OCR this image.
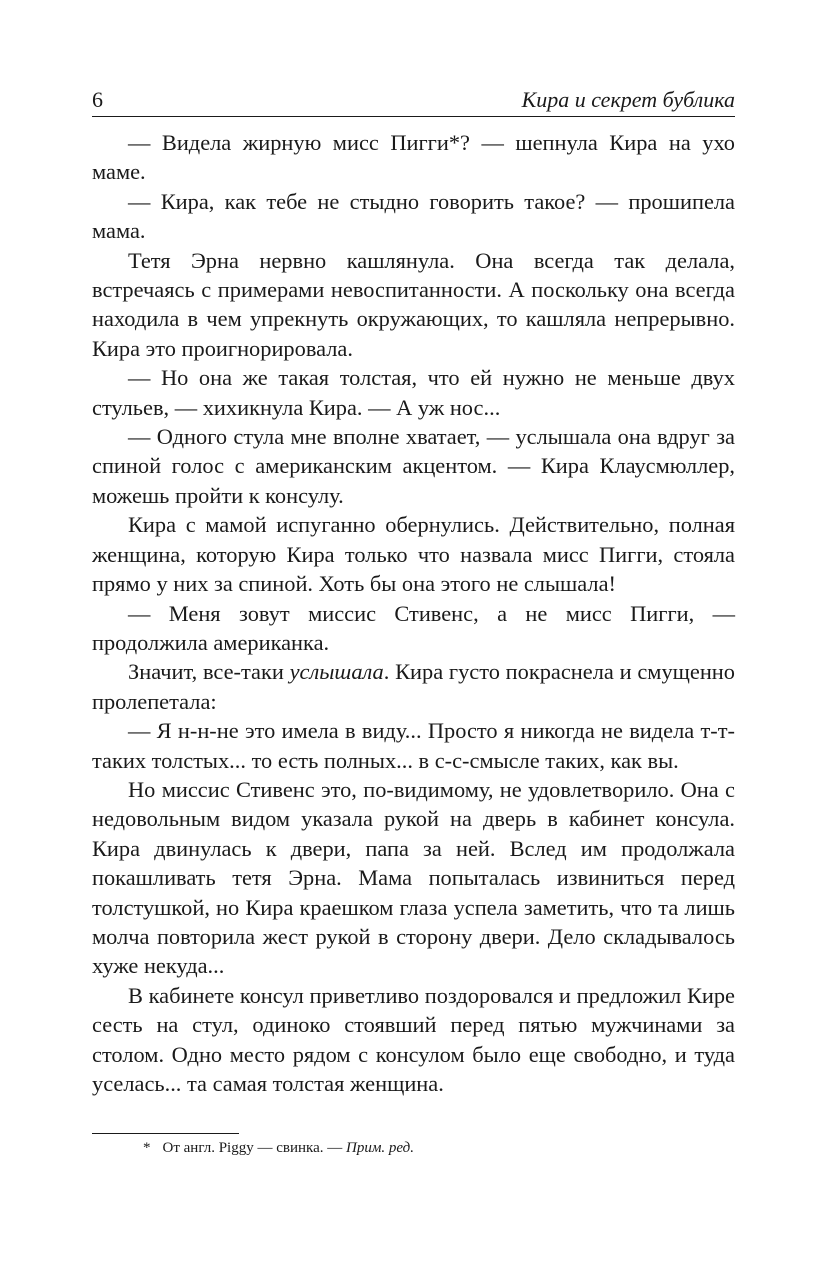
6	Кира и секрет бублика

— Видела жирную мисс Пигги*? — шепнула Кира на ухо маме.

— Кира, как тебе не стыдно говорить такое? — прошипела мама.

Тетя Эрна нервно кашлянула. Она всегда так делала, встречаясь с примерами невоспитанности. А поскольку она всегда находила в чем упрекнуть окружающих, то кашляла непрерывно. Кира это проигнорировала.

— Но она же такая толстая, что ей нужно не меньше двух стульев, — хихикнула Кира. — А уж нос...

— Одного стула мне вполне хватает, — услышала она вдруг за спиной голос с американским акцентом. — Кира Клаусмюллер, можешь пройти к консулу.

Кира с мамой испуганно обернулись. Действительно, полная женщина, которую Кира только что назвала мисс Пигги, стояла прямо у них за спиной. Хоть бы она этого не слышала!

— Меня зовут миссис Стивенс, а не мисс Пигги, — продолжила американка.

Значит, все-таки услышала. Кира густо покраснела и смущенно пролепетала:

— Я н-н-не это имела в виду... Просто я никогда не видела т-т-таких толстых... то есть полных... в с-с-смысле таких, как вы.

Но миссис Стивенс это, по-видимому, не удовлетворило. Она с недовольным видом указала рукой на дверь в кабинет консула. Кира двинулась к двери, папа за ней. Вслед им продолжала покашливать тетя Эрна. Мама попыталась извиниться перед толстушкой, но Кира краешком глаза успела заметить, что та лишь молча повторила жест рукой в сторону двери. Дело складывалось хуже некуда...

В кабинете консул приветливо поздоровался и предложил Кире сесть на стул, одиноко стоявший перед пятью мужчинами за столом. Одно место рядом с консулом было еще свободно, и туда уселась... та самая толстая женщина.

* От англ. Piggy — свинка. — Прим. ред.
